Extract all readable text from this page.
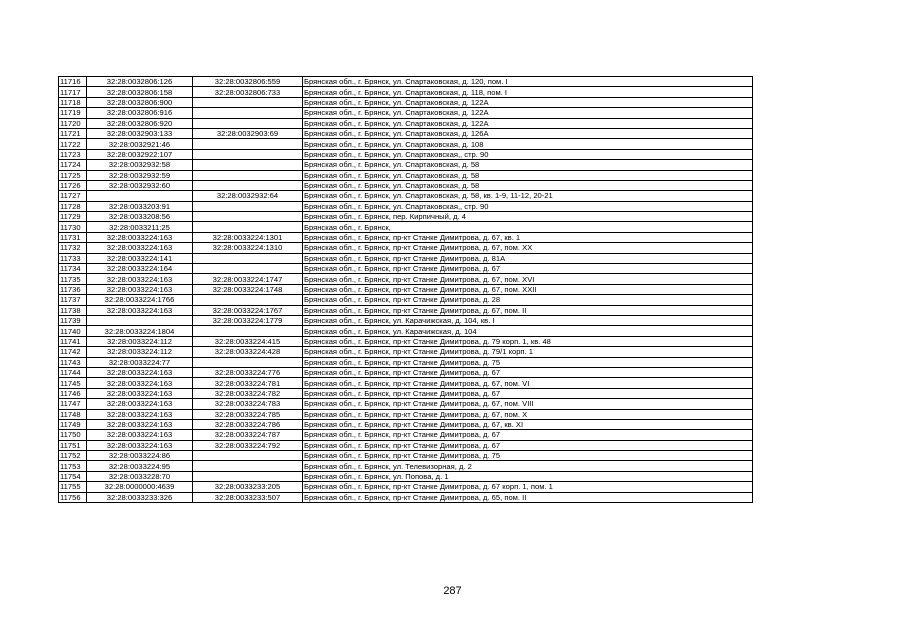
11716	32:28:0032806:126	32:28:0032806:559	Брянская обл., г. Брянск, ул. Спартаковская, д. 120, пом. I
11717	32:28:0032806:158	32:28:0032806:733	Брянская обл., г. Брянск, ул. Спартаковская, д. 118, пом. I
11718	32:28:0032806:900		Брянская обл., г. Брянск, ул. Спартаковская, д. 122А
11719	32:28:0032806:916		Брянская обл., г. Брянск, ул. Спартаковская, д. 122А
11720	32:28:0032806:920		Брянская обл., г. Брянск, ул. Спартаковская, д. 122А
11721	32:28:0032903:133	32:28:0032903:69	Брянская обл., г. Брянск, ул. Спартаковская, д. 126А
11722	32:28:0032921:46		Брянская обл., г. Брянск, ул. Спартаковская, д. 108
11723	32:28:0032922:107		Брянская обл., г. Брянск, ул. Спартаковская,, стр. 90
11724	32:28:0032932:58		Брянская обл., г. Брянск, ул. Спартаковская, д. 58
11725	32:28:0032932:59		Брянская обл., г. Брянск, ул. Спартаковская, д. 58
11726	32:28:0032932:60		Брянская обл., г. Брянск, ул. Спартаковская, д. 58
11727		32:28:0032932:64	Брянская обл., г. Брянск, ул. Спартаковская, д. 58, кв. 1-9, 11-12, 20-21
11728	32:28:0033203:91		Брянская обл., г. Брянск, ул. Спартаковская,, стр. 90
11729	32:28:0033208:56		Брянская обл., г. Брянск, пер. Кирпичный, д. 4
11730	32:28:0033211:25		Брянская обл., г. Брянск,
11731	32:28:0033224:163	32:28:0033224:1301	Брянская обл., г. Брянск, пр-кт Станке Димитрова, д. 67, кв. 1
11732	32:28:0033224:163	32:28:0033224:1310	Брянская обл., г. Брянск, пр-кт Станке Димитрова, д. 67, пом. XX
11733	32:28:0033224:141		Брянская обл., г. Брянск, пр-кт Станке Димитрова, д. 81А
11734	32:28:0033224:164		Брянская обл., г. Брянск, пр-кт Станке Димитрова, д. 67
11735	32:28:0033224:163	32:28:0033224:1747	Брянская обл., г. Брянск, пр-кт Станке Димитрова, д. 67, пом. XVI
11736	32:28:0033224:163	32:28:0033224:1748	Брянская обл., г. Брянск, пр-кт Станке Димитрова, д. 67, пом. XXII
11737	32:28:0033224:1766		Брянская обл., г. Брянск, пр-кт Станке Димитрова, д. 28
11738	32:28:0033224:163	32:28:0033224:1767	Брянская обл., г. Брянск, пр-кт Станке Димитрова, д. 67, пом. II
11739		32:28:0033224:1779	Брянская обл., г. Брянск, ул. Карачижская, д. 104, кв. I
11740	32:28:0033224:1804		Брянская обл., г. Брянск, ул. Карачижская, д. 104
11741	32:28:0033224:112	32:28:0033224:415	Брянская обл., г. Брянск, пр-кт Станке Димитрова, д. 79 корп. 1, кв. 48
11742	32:28:0033224:112	32:28:0033224:428	Брянская обл., г. Брянск, пр-кт Станке Димитрова, д. 79/1 корп. 1
11743	32:28:0033224:77		Брянская обл., г. Брянск, пр-кт Станке Димитрова, д. 75
11744	32:28:0033224:163	32:28:0033224:776	Брянская обл., г. Брянск, пр-кт Станке Димитрова, д. 67
11745	32:28:0033224:163	32:28:0033224:781	Брянская обл., г. Брянск, пр-кт Станке Димитрова, д. 67, пом. VI
11746	32:28:0033224:163	32:28:0033224:782	Брянская обл., г. Брянск, пр-кт Станке Димитрова, д. 67
11747	32:28:0033224:163	32:28:0033224:783	Брянская обл., г. Брянск, пр-кт Станке Димитрова, д. 67, пом. VIII
11748	32:28:0033224:163	32:28:0033224:785	Брянская обл., г. Брянск, пр-кт Станке Димитрова, д. 67, пом. X
11749	32:28:0033224:163	32:28:0033224:786	Брянская обл., г. Брянск, пр-кт Станке Димитрова, д. 67, кв. XI
11750	32:28:0033224:163	32:28:0033224:787	Брянская обл., г. Брянск, пр-кт Станке Димитрова, д. 67
11751	32:28:0033224:163	32:28:0033224:792	Брянская обл., г. Брянск, пр-кт Станке Димитрова, д. 67
11752	32:28:0033224:86		Брянская обл., г. Брянск, пр-кт Станке Димитрова, д. 75
11753	32:28:0033224:95		Брянская обл., г. Брянск, ул. Телевизорная, д. 2
11754	32:28:0033228:70		Брянская обл., г. Брянск, ул. Попова, д. 1
11755	32:28:0000000:4639	32:28:0033233:205	Брянская обл., г. Брянск, пр-кт Станке Димитрова, д. 67 корп. 1, пом. 1
11756	32:28:0033233:326	32:28:0033233:507	Брянская обл., г. Брянск, пр-кт Станке Димитрова, д. 65, пом. II
287
